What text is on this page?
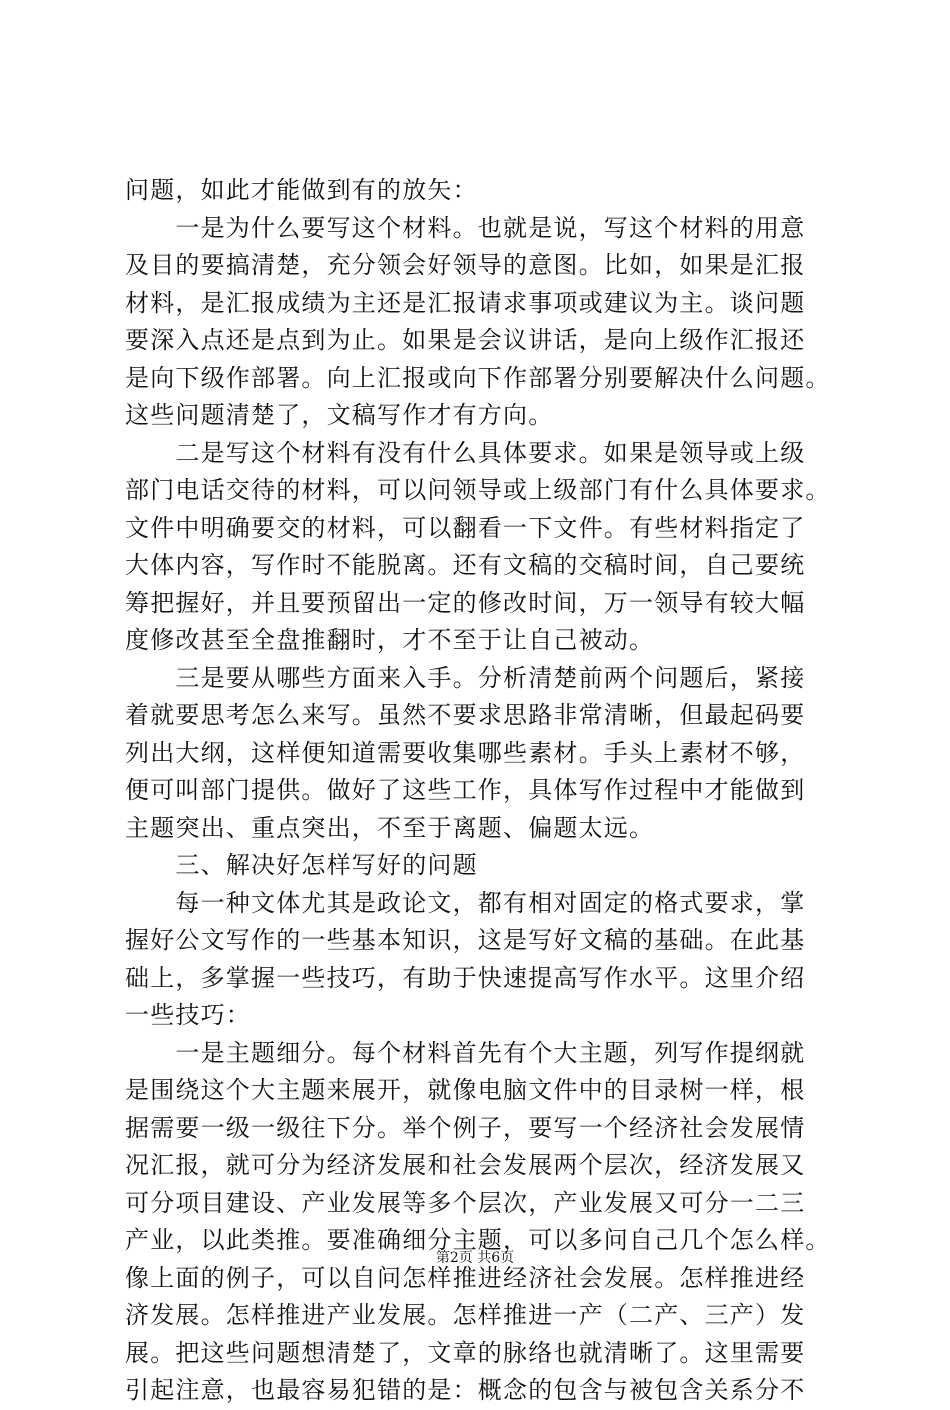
问题，如此才能做到有的放矢：
　　一是为什么要写这个材料。也就是说，写这个材料的用意
及目的要搞清楚，充分领会好领导的意图。比如，如果是汇报
材料，是汇报成绩为主还是汇报请求事项或建议为主。谈问题
要深入点还是点到为止。如果是会议讲话，是向上级作汇报还
是向下级作部署。向上汇报或向下作部署分别要解决什么问题。
这些问题清楚了，文稿写作才有方向。
　　二是写这个材料有没有什么具体要求。如果是领导或上级
部门电话交待的材料，可以问领导或上级部门有什么具体要求。
文件中明确要交的材料，可以翻看一下文件。有些材料指定了
大体内容，写作时不能脱离。还有文稿的交稿时间，自己要统
筹把握好，并且要预留出一定的修改时间，万一领导有较大幅
度修改甚至全盘推翻时，才不至于让自己被动。
　　三是要从哪些方面来入手。分析清楚前两个问题后，紧接
着就要思考怎么来写。虽然不要求思路非常清晰，但最起码要
列出大纲，这样便知道需要收集哪些素材。手头上素材不够，
便可叫部门提供。做好了这些工作，具体写作过程中才能做到
主题突出、重点突出，不至于离题、偏题太远。
　　三、解决好怎样写好的问题
　　每一种文体尤其是政论文，都有相对固定的格式要求，掌
握好公文写作的一些基本知识，这是写好文稿的基础。在此基
础上，多掌握一些技巧，有助于快速提高写作水平。这里介绍
一些技巧：
　　一是主题细分。每个材料首先有个大主题，列写作提纲就
是围绕这个大主题来展开，就像电脑文件中的目录树一样，根
据需要一级一级往下分。举个例子，要写一个经济社会发展情
况汇报，就可分为经济发展和社会发展两个层次，经济发展又
可分项目建设、产业发展等多个层次，产业发展又可分一二三
产业，以此类推。要准确细分主题，可以多问自己几个怎么样。
像上面的例子，可以自问怎样推进经济社会发展。怎样推进经
济发展。怎样推进产业发展。怎样推进一产（二产、三产）发
展。把这些问题想清楚了，文章的脉络也就清晰了。这里需要
引起注意，也最容易犯错的是：概念的包含与被包含关系分不
第2页 共6页
